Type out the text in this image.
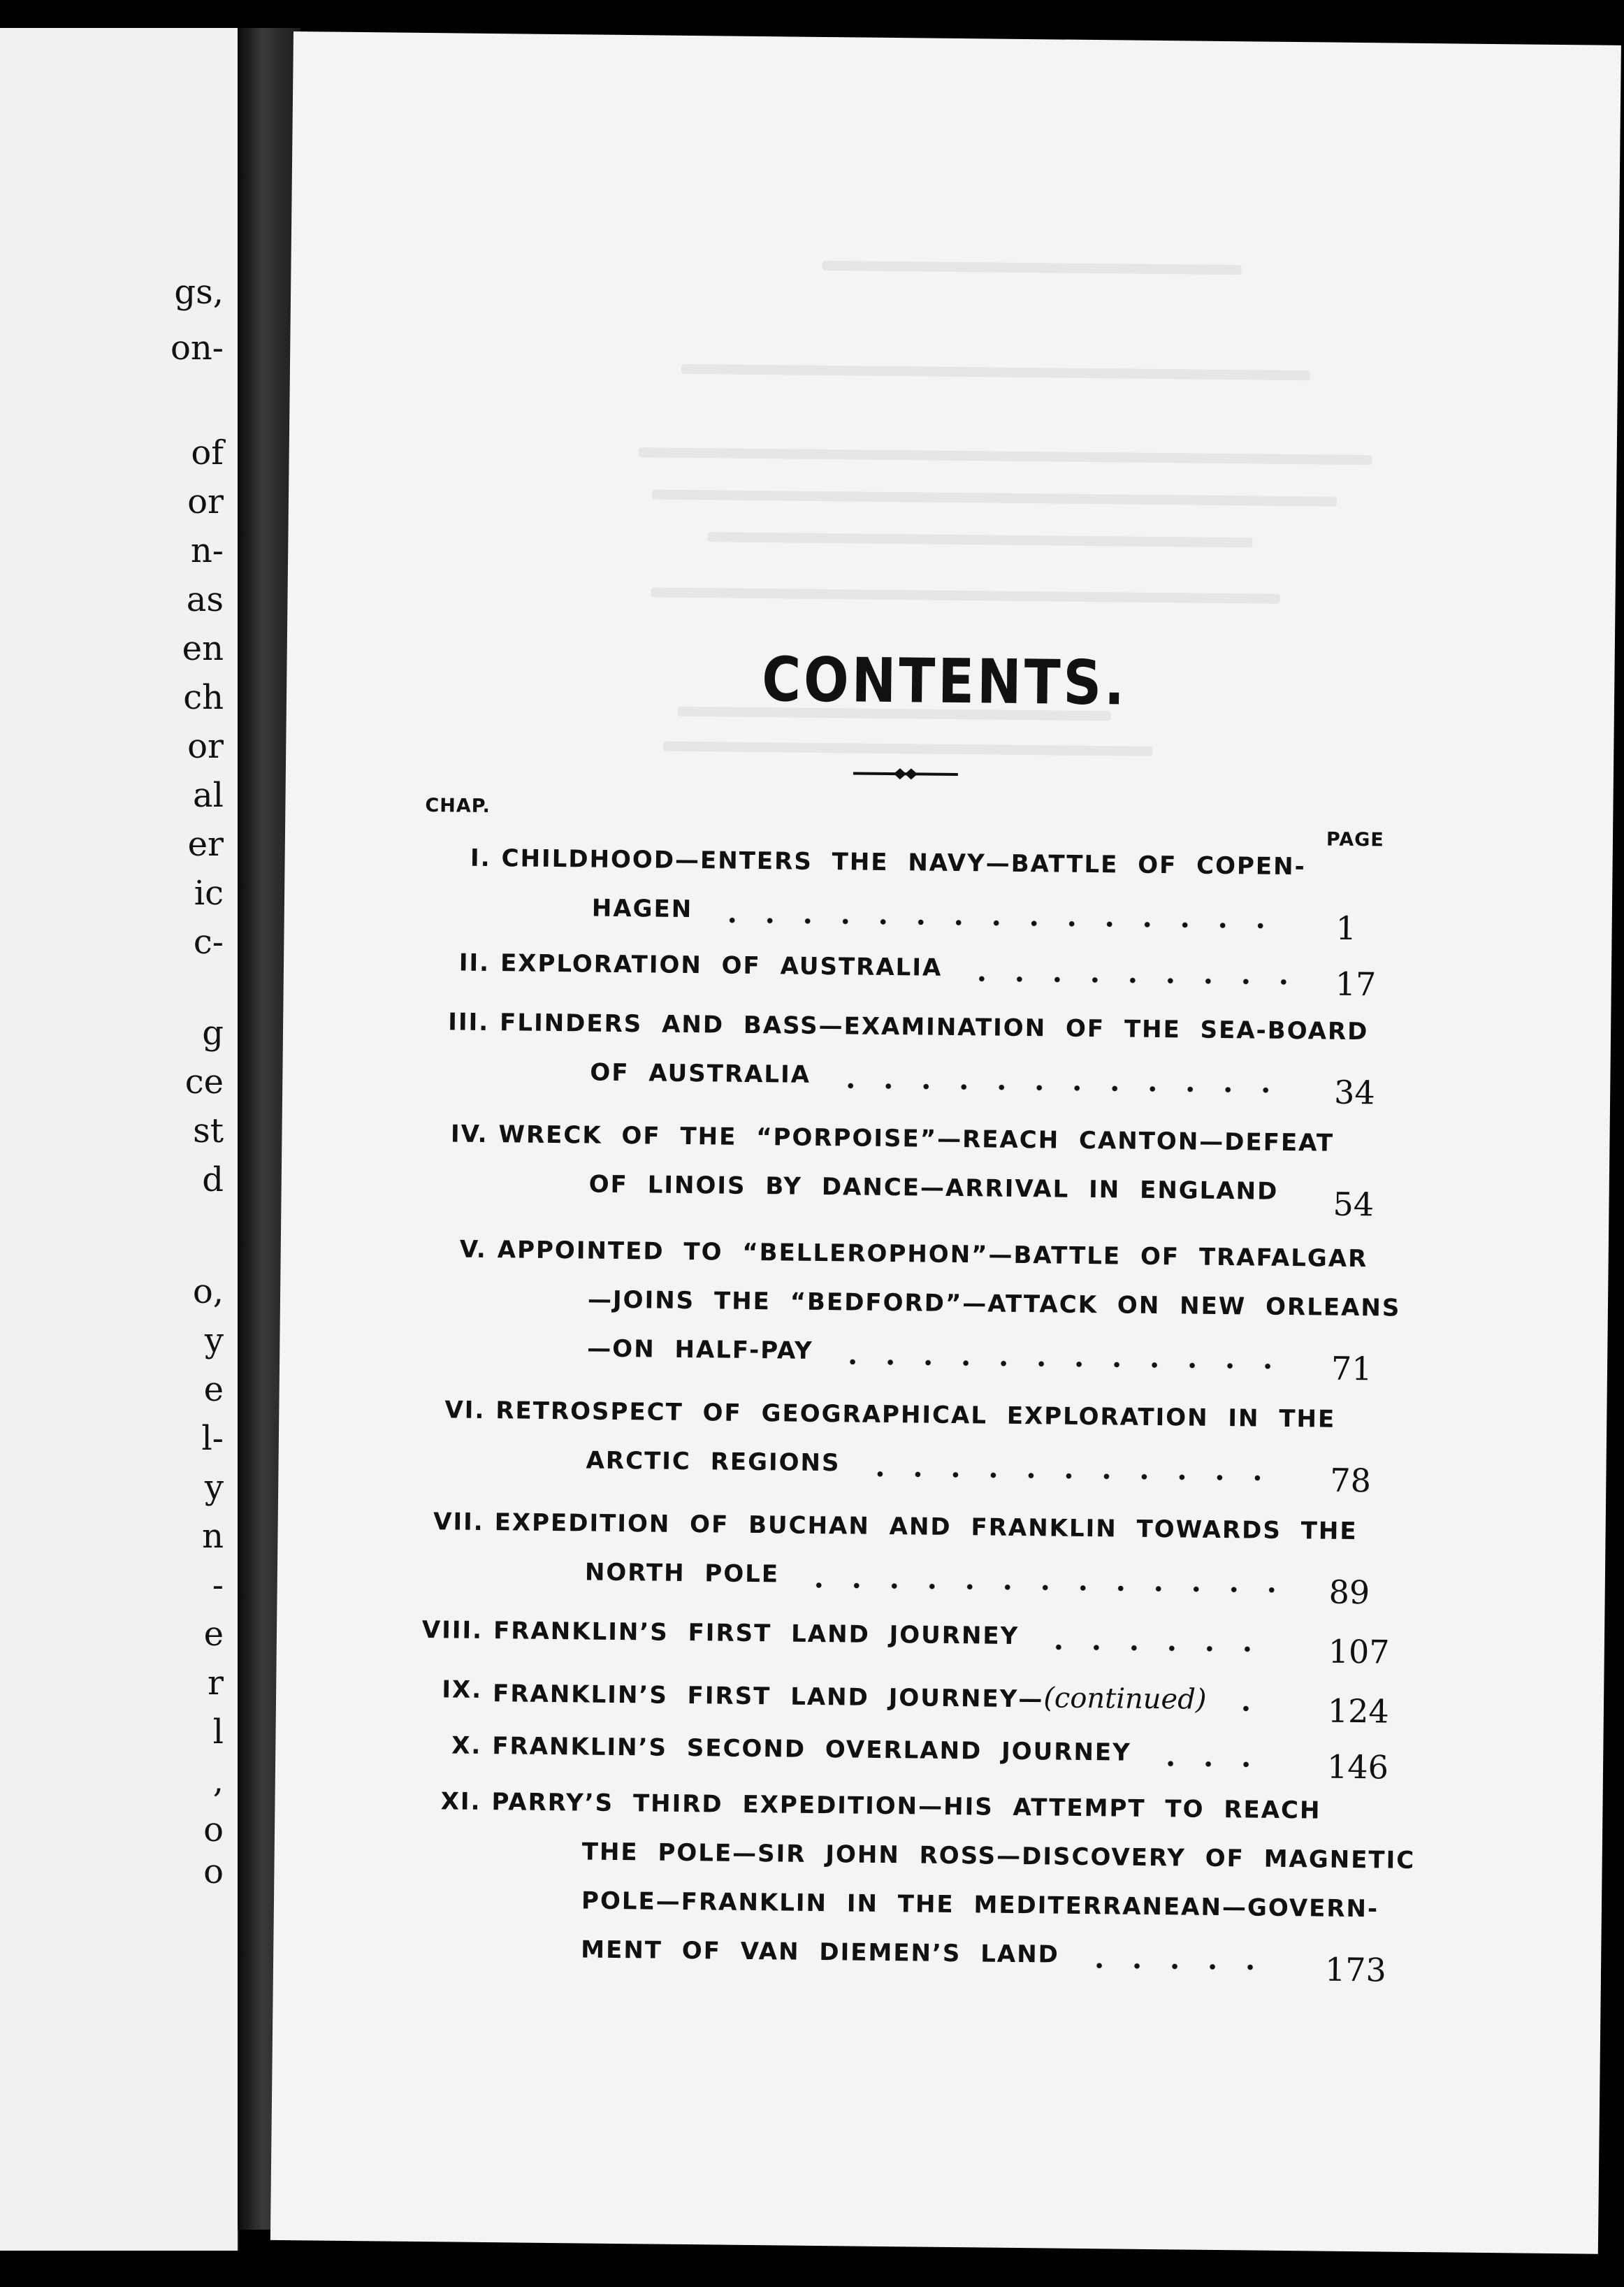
gs,
on-
of
or
n-
as
en
ch
or
al
er
ic
c-
g
ce
st
d
o,
y
e
l-
y
n
-
e
r
l
,
o
o
CONTENTS.
CHAP.
PAGE
I. CHILDHOOD—ENTERS THE NAVY—BATTLE OF COPEN-
HAGEN
1
II. EXPLORATION OF AUSTRALIA	17
III. FLINDERS AND BASS—EXAMINATION OF THE SEA-BOARD
OF AUSTRALIA	34
IV. WRECK OF THE “PORPOISE”—REACH CANTON—DEFEAT
OF LINOIS BY DANCE—ARRIVAL IN ENGLAND 54
V. APPOINTED TO “BELLEROPHON”—BATTLE OF TRAFALGAR
—JOINS THE “BEDFORD”—ATTACK ON NEW ORLEANS
—ON HALF-PAY	71
VI. RETROSPECT OF GEOGRAPHICAL EXPLORATION IN THE
ARCTIC REGIONS	78
VII. EXPEDITION OF BUCHAN AND FRANKLIN TOWARDS THE
NORTH POLE	89
VIII. FRANKLIN’S FIRST LAND JOURNEY	107
IX. FRANKLIN’S FIRST LAND JOURNEY—(continued)	124
X. FRANKLIN’S SECOND OVERLAND JOURNEY	146
XI. PARRY’S THIRD EXPEDITION—HIS ATTEMPT TO REACH
THE POLE—SIR JOHN ROSS—DISCOVERY OF MAGNETIC
POLE—FRANKLIN IN THE MEDITERRANEAN—GOVERN-
MENT OF VAN DIEMEN’S LAND	173
